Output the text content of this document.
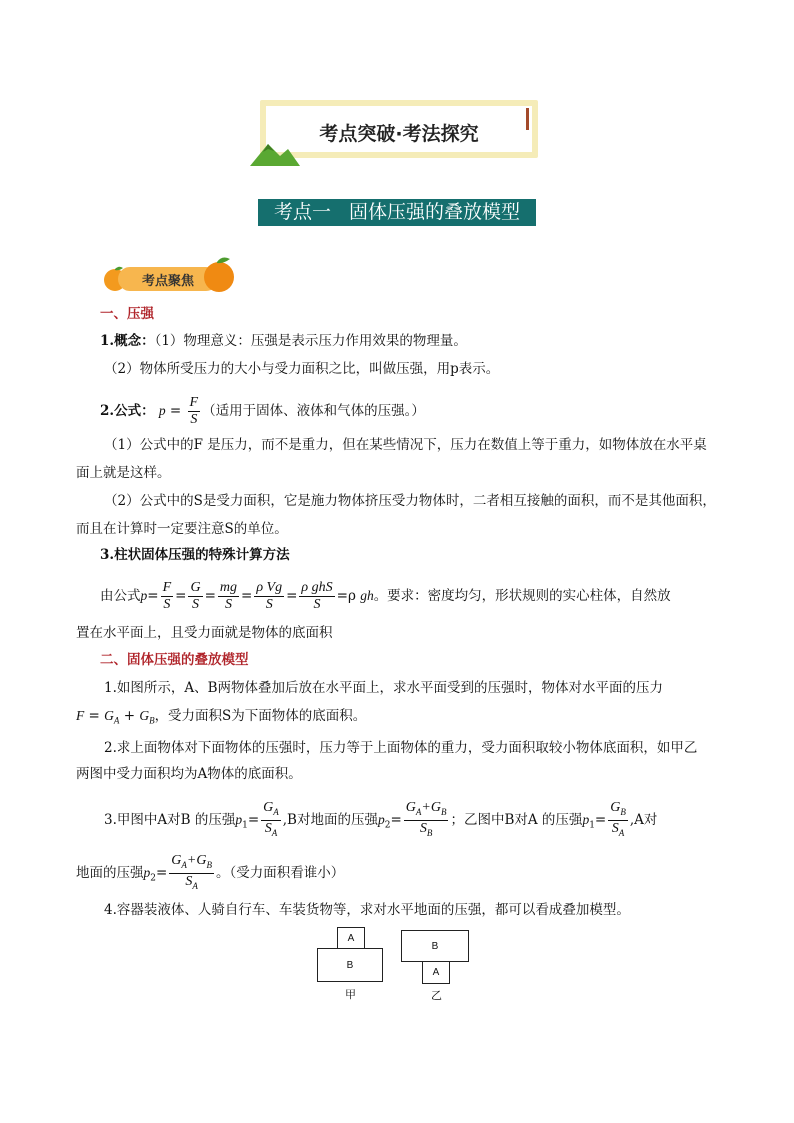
考点突破·考法探究
考点一   固体压强的叠放模型
考点聚焦
一、压强
1.概念：（1）物理意义：压强是表示压力作用效果的物理量。
（2）物体所受压力的大小与受力面积之比，叫做压强，用p表示。
2.公式： $p = \frac{F}{S}$ （适用于固体、液体和气体的压强。）
（1）公式中的F 是压力，而不是重力，但在某些情况下，压力在数值上等于重力，如物体放在水平桌
面上就是这样。
（2）公式中的S是受力面积，它是施力物体挤压受力物体时，二者相互接触的面积，而不是其他面积，
而且在计算时一定要注意S的单位。
3.柱状固体压强的特殊计算方法
由公式$p= \frac{F}{S} = \frac{G}{S} = \frac{mg}{S} = \frac{\text{ρ Vg}}{S} = \frac{\text{ρ ghS}}{S} =\rho$ gh。要求：密度均匀，形状规则的实心柱体，自然放
置在水平面上，且受力面就是物体的底面积
二、固体压强的叠放模型
1.如图所示，A、B两物体叠加后放在水平面上，求水平面受到的压强时，物体对水平面的压力
$F = G_A + G_B$，受力面积S为下面物体的底面积。
2.求上面物体对下面物体的压强时，压力等于上面物体的重力，受力面积取较小物体底面积，如甲乙
两图中受力面积均为A物体的底面积。
3.甲图中A对B 的压强$p_1= \frac{G_A}{S_A} ,B$对地面的压强$p_2= \frac{G_A+G_B}{S_B}$ ；乙图中B对A 的压强$p_1= \frac{G_B}{S_A} ,A$对
地面的压强$p_2= \frac{G_A+G_B}{S_A}$ 。（受力面积看谁小）
4.容器装液体、人骑自行车、车装货物等，求对水平地面的压强，都可以看成叠加模型。
A
B
甲
B
A
乙
